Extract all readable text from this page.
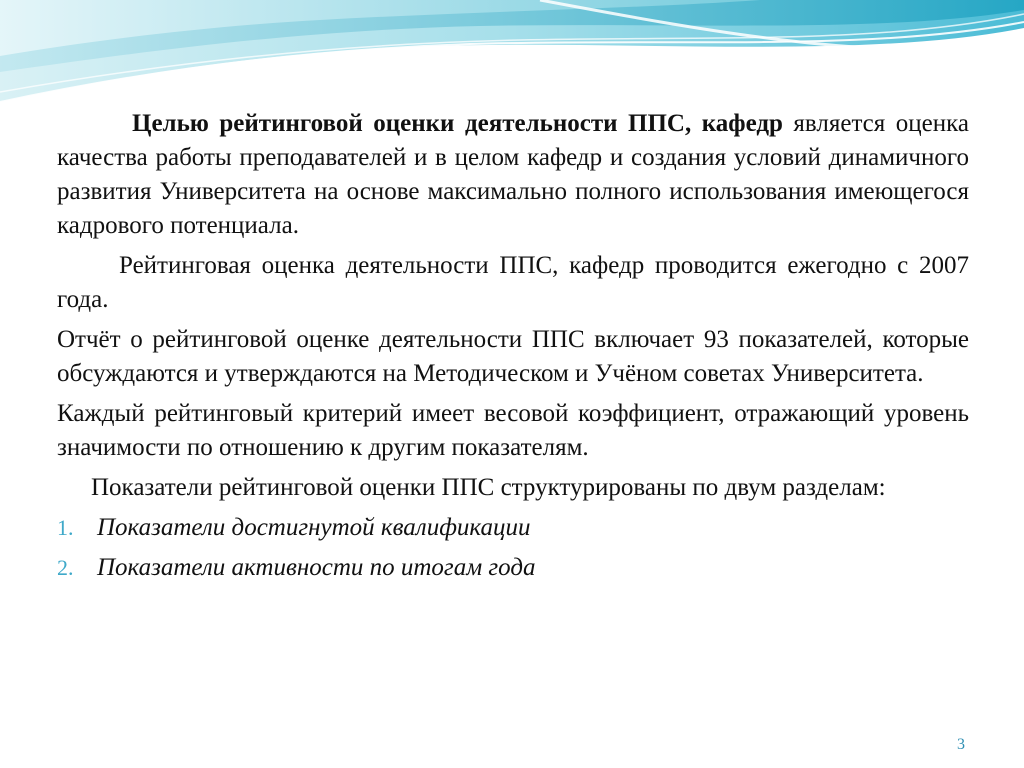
Целью рейтинговой оценки деятельности ППС, кафедр является оценка качества работы преподавателей и в целом кафедр и создания условий динамичного развития Университета на основе максимально полного использования имеющегося кадрового потенциала.

Рейтинговая оценка деятельности ППС, кафедр проводится ежегодно с 2007 года.

Отчёт о рейтинговой оценке деятельности ППС включает 93 показателей, которые обсуждаются и утверждаются на Методическом и Учёном советах Университета.

Каждый рейтинговый критерий имеет весовой коэффициент, отражающий уровень значимости по отношению к другим показателям.

Показатели рейтинговой оценки ППС структурированы по двум разделам:

1. Показатели достигнутой квалификации
2. Показатели активности по итогам года
3
